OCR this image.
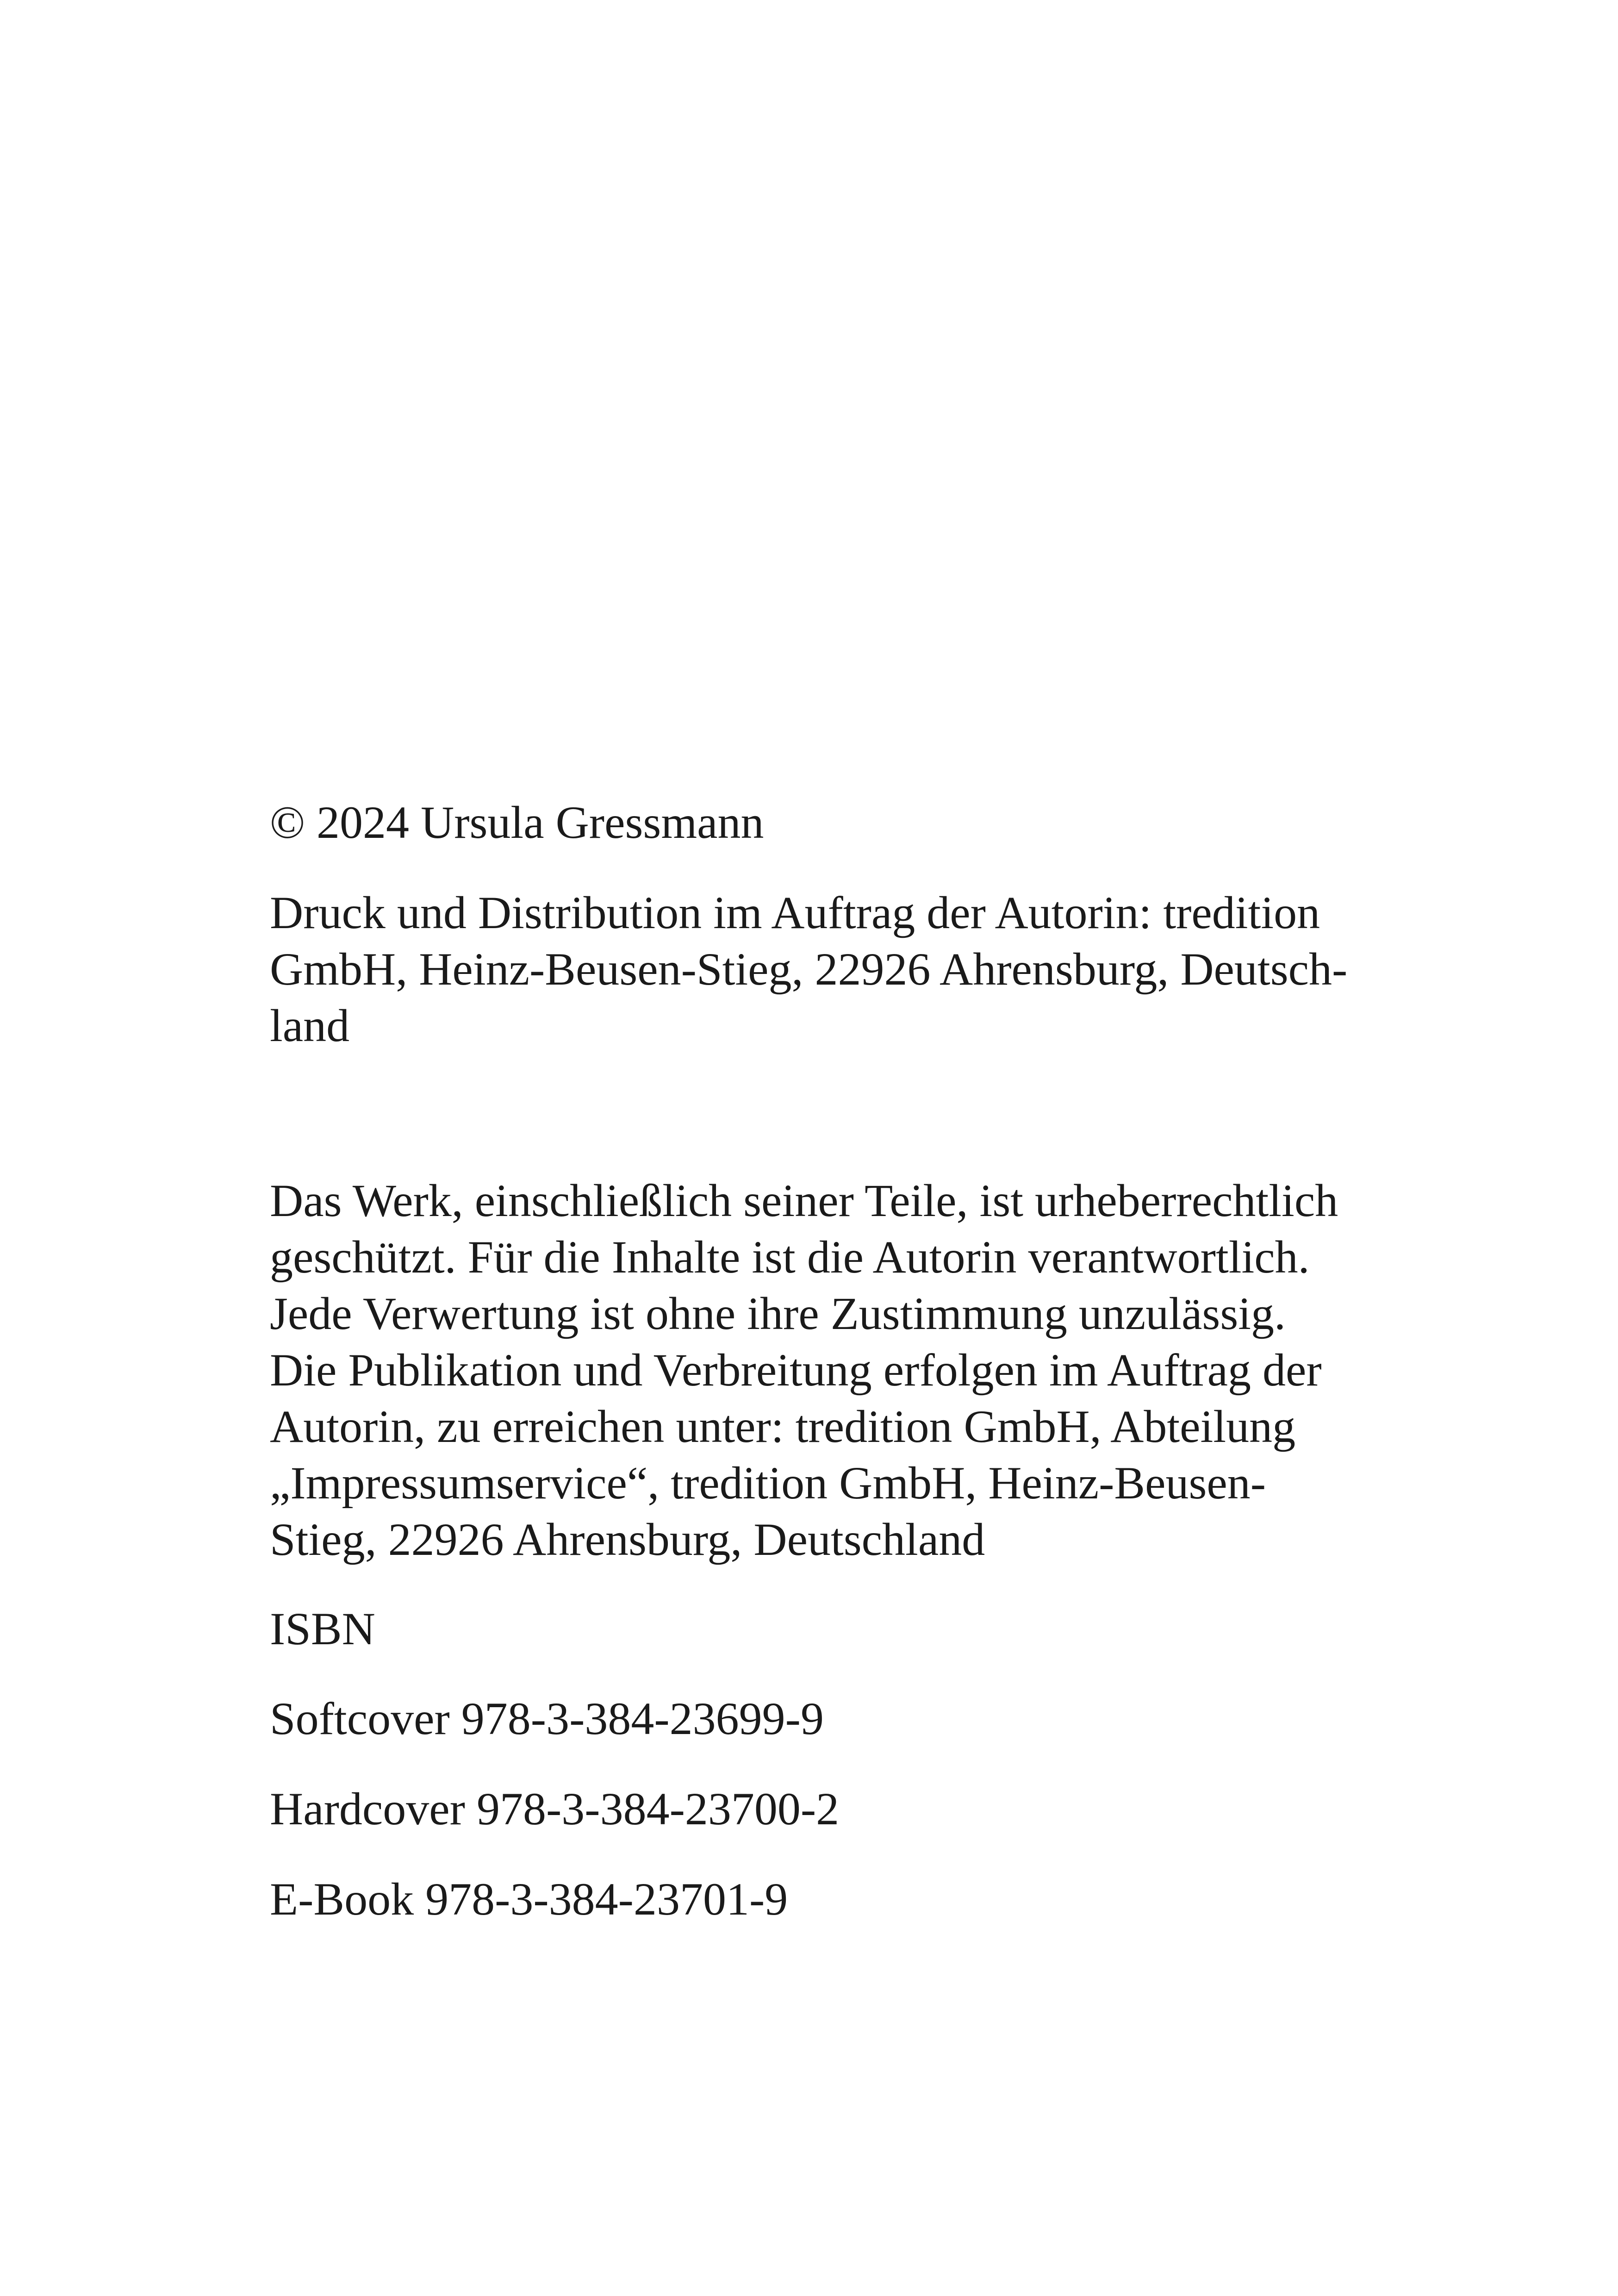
© 2024 Ursula Gressmann

Druck und Distribution im Auftrag der Autorin: tredition
GmbH, Heinz-Beusen-Stieg, 22926 Ahrensburg, Deutsch-
land

Das Werk, einschließlich seiner Teile, ist urheberrechtlich
geschützt. Für die Inhalte ist die Autorin verantwortlich.
Jede Verwertung ist ohne ihre Zustimmung unzulässig.
Die Publikation und Verbreitung erfolgen im Auftrag der
Autorin, zu erreichen unter: tredition GmbH, Abteilung
„Impressumservice“, tredition GmbH, Heinz-Beusen-
Stieg, 22926 Ahrensburg, Deutschland

ISBN

Softcover 978-3-384-23699-9

Hardcover 978-3-384-23700-2

E-Book 978-3-384-23701-9
